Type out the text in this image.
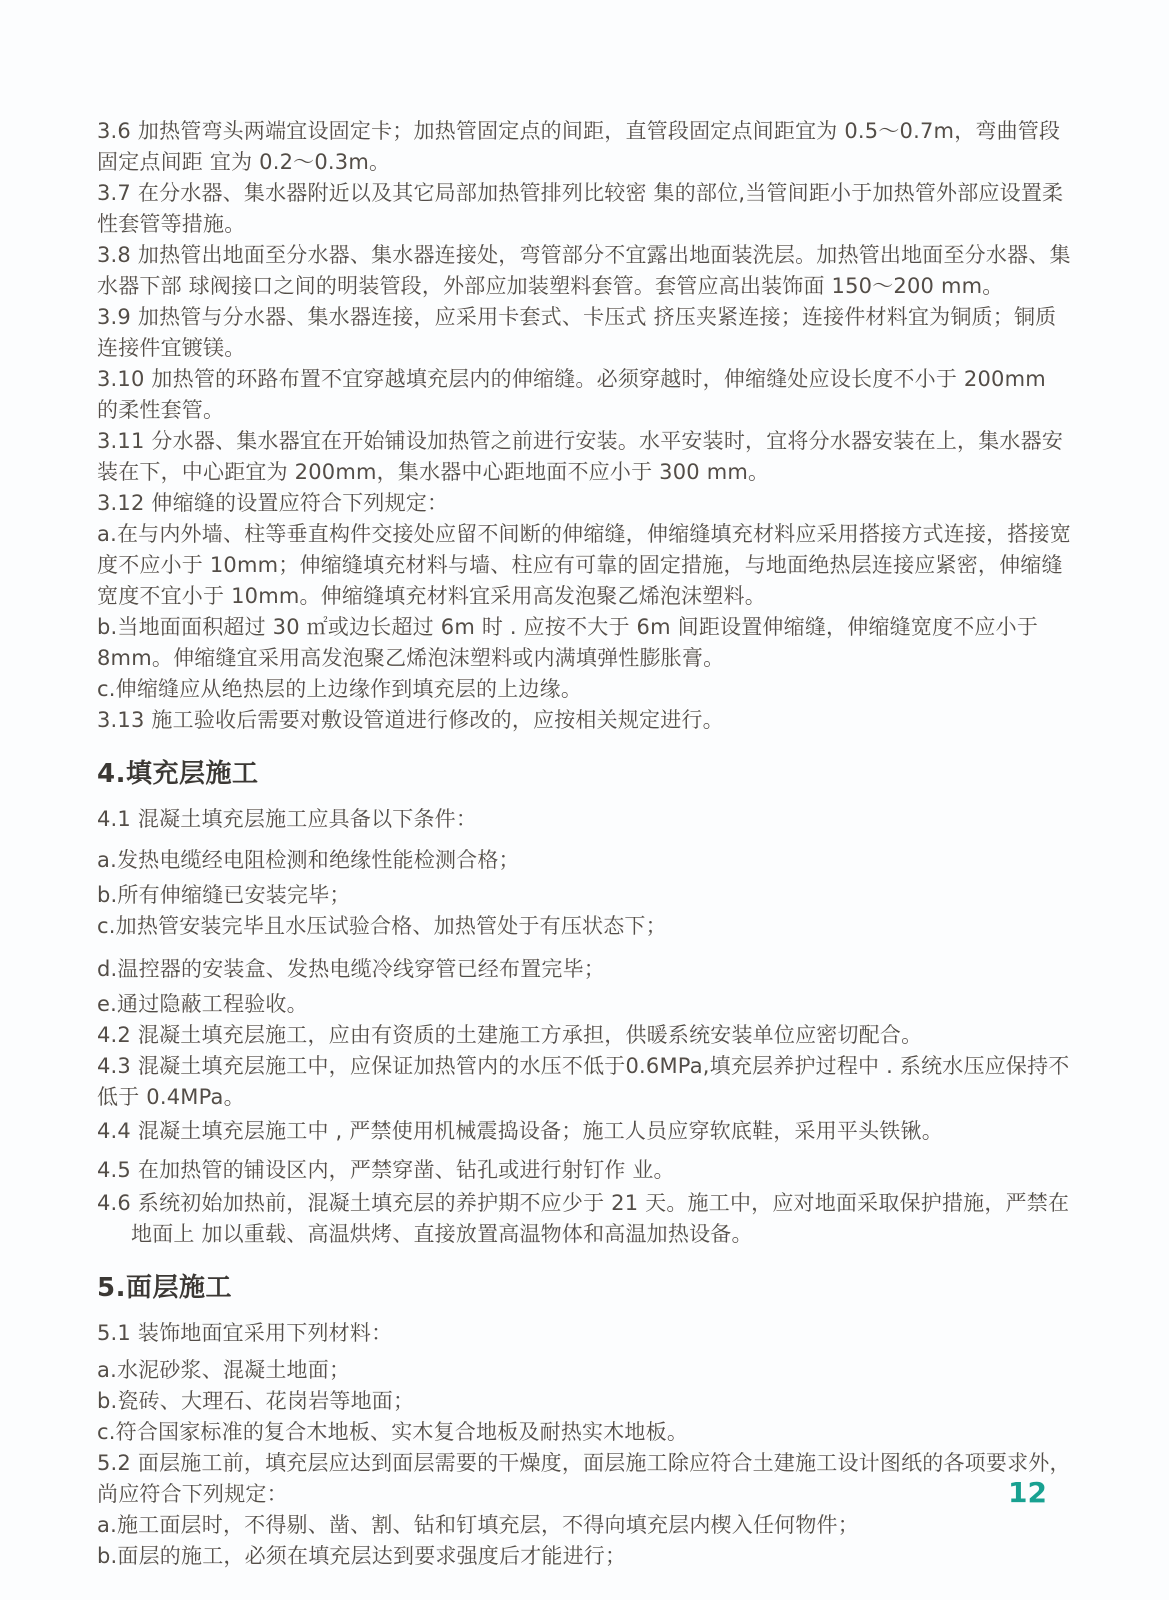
3.6 加热管弯头两端宜设固定卡；加热管固定点的间距，直管段固定点间距宜为 0.5～0.7m，弯曲管段固定点间距 宜为 0.2～0.3m。

3.7 在分水器、集水器附近以及其它局部加热管排列比较密 集的部位,当管间距小于加热管外部应设置柔性套管等措施。

3.8 加热管出地面至分水器、集水器连接处，弯管部分不宜露出地面装洗层。加热管出地面至分水器、集水器下部 球阀接口之间的明装管段，外部应加装塑料套管。套管应高出装饰面 150～200 mm。

3.9 加热管与分水器、集水器连接，应采用卡套式、卡压式 挤压夹紧连接；连接件材料宜为铜质；铜质连接件宜镀镁。

3.10 加热管的环路布置不宜穿越填充层内的伸缩缝。必须穿越时，伸缩缝处应设长度不小于 200mm 的柔性套管。

3.11 分水器、集水器宜在开始铺设加热管之前进行安装。水平安装时，宜将分水器安装在上，集水器安装在下，中心距宜为 200mm，集水器中心距地面不应小于 300 mm。

3.12 伸缩缝的设置应符合下列规定：

a.在与内外墙、柱等垂直构件交接处应留不间断的伸缩缝，伸缩缝填充材料应采用搭接方式连接，搭接宽度不应小于 10mm；伸缩缝填充材料与墙、柱应有可靠的固定措施，与地面绝热层连接应紧密，伸缩缝宽度不宜小于 10mm。伸缩缝填充材料宜采用高发泡聚乙烯泡沫塑料。

b.当地面面积超过 30 ㎡或边长超过 6m 时 . 应按不大于 6m 间距设置伸缩缝，伸缩缝宽度不应小于 8mm。伸缩缝宜采用高发泡聚乙烯泡沫塑料或内满填弹性膨胀膏。

c.伸缩缝应从绝热层的上边缘作到填充层的上边缘。

3.13 施工验收后需要对敷设管道进行修改的，应按相关规定进行。

4.填充层施工

4.1 混凝土填充层施工应具备以下条件：

a.发热电缆经电阻检测和绝缘性能检测合格；

b.所有伸缩缝已安装完毕；

c.加热管安装完毕且水压试验合格、加热管处于有压状态下；

d.温控器的安装盒、发热电缆冷线穿管已经布置完毕；

e.通过隐蔽工程验收。

4.2 混凝土填充层施工，应由有资质的土建施工方承担，供暖系统安装单位应密切配合。

4.3 混凝土填充层施工中，应保证加热管内的水压不低于0.6MPa,填充层养护过程中 . 系统水压应保持不低于 0.4MPa。

4.4 混凝土填充层施工中 , 严禁使用机械震捣设备；施工人员应穿软底鞋，采用平头铁锹。

4.5 在加热管的铺设区内，严禁穿凿、钻孔或进行射钉作 业。

4.6 系统初始加热前，混凝土填充层的养护期不应少于 21 天。施工中，应对地面采取保护措施，严禁在地面上 加以重载、高温烘烤、直接放置高温物体和高温加热设备。

5.面层施工

5.1 装饰地面宜采用下列材料：

a.水泥砂浆、混凝土地面；

b.瓷砖、大理石、花岗岩等地面；

c.符合国家标准的复合木地板、实木复合地板及耐热实木地板。

5.2 面层施工前，填充层应达到面层需要的干燥度，面层施工除应符合土建施工设计图纸的各项要求外，尚应符合下列规定：

a.施工面层时，不得剔、凿、割、钻和钉填充层，不得向填充层内楔入任何物件；

b.面层的施工，必须在填充层达到要求强度后才能进行；

12
